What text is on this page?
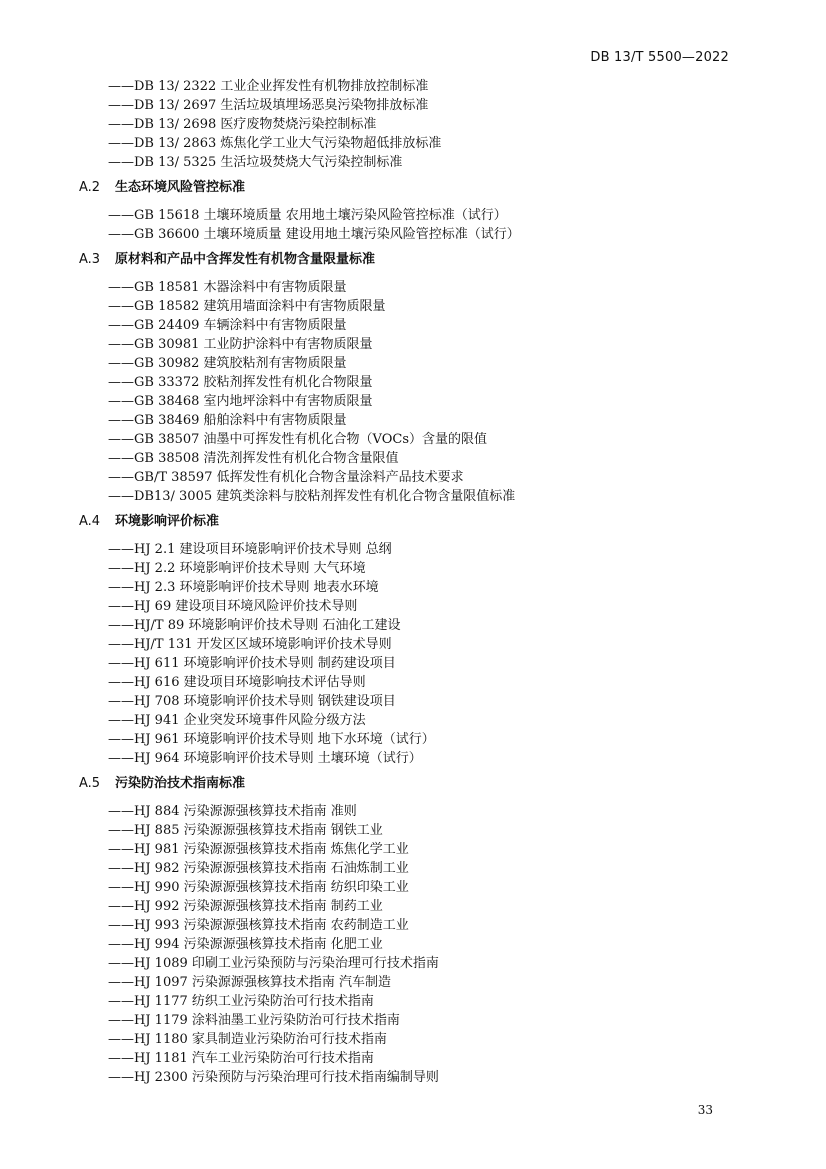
DB 13/T 5500—2022
——DB 13/ 2322 工业企业挥发性有机物排放控制标准
——DB 13/ 2697 生活垃圾填埋场恶臭污染物排放标准
——DB 13/ 2698 医疗废物焚烧污染控制标准
——DB 13/ 2863 炼焦化学工业大气污染物超低排放标准
——DB 13/ 5325 生活垃圾焚烧大气污染控制标准
A.2 生态环境风险管控标准
——GB 15618 土壤环境质量 农用地土壤污染风险管控标准（试行）
——GB 36600 土壤环境质量 建设用地土壤污染风险管控标准（试行）
A.3 原材料和产品中含挥发性有机物含量限量标准
——GB 18581 木器涂料中有害物质限量
——GB 18582 建筑用墙面涂料中有害物质限量
——GB 24409 车辆涂料中有害物质限量
——GB 30981 工业防护涂料中有害物质限量
——GB 30982 建筑胶粘剂有害物质限量
——GB 33372 胶粘剂挥发性有机化合物限量
——GB 38468 室内地坪涂料中有害物质限量
——GB 38469 船舶涂料中有害物质限量
——GB 38507 油墨中可挥发性有机化合物（VOCs）含量的限值
——GB 38508 清洗剂挥发性有机化合物含量限值
——GB/T 38597 低挥发性有机化合物含量涂料产品技术要求
——DB13/ 3005 建筑类涂料与胶粘剂挥发性有机化合物含量限值标准
A.4 环境影响评价标准
——HJ 2.1 建设项目环境影响评价技术导则 总纲
——HJ 2.2 环境影响评价技术导则 大气环境
——HJ 2.3 环境影响评价技术导则 地表水环境
——HJ 69 建设项目环境风险评价技术导则
——HJ/T 89 环境影响评价技术导则 石油化工建设
——HJ/T 131 开发区区域环境影响评价技术导则
——HJ 611 环境影响评价技术导则 制药建设项目
——HJ 616 建设项目环境影响技术评估导则
——HJ 708 环境影响评价技术导则 钢铁建设项目
——HJ 941 企业突发环境事件风险分级方法
——HJ 961 环境影响评价技术导则 地下水环境（试行）
——HJ 964 环境影响评价技术导则 土壤环境（试行）
A.5 污染防治技术指南标准
——HJ 884 污染源源强核算技术指南 准则
——HJ 885 污染源源强核算技术指南 钢铁工业
——HJ 981 污染源源强核算技术指南 炼焦化学工业
——HJ 982 污染源源强核算技术指南 石油炼制工业
——HJ 990 污染源源强核算技术指南 纺织印染工业
——HJ 992 污染源源强核算技术指南 制药工业
——HJ 993 污染源源强核算技术指南 农药制造工业
——HJ 994 污染源源强核算技术指南 化肥工业
——HJ 1089 印刷工业污染预防与污染治理可行技术指南
——HJ 1097 污染源源强核算技术指南 汽车制造
——HJ 1177 纺织工业污染防治可行技术指南
——HJ 1179 涂料油墨工业污染防治可行技术指南
——HJ 1180 家具制造业污染防治可行技术指南
——HJ 1181 汽车工业污染防治可行技术指南
——HJ 2300 污染预防与污染治理可行技术指南编制导则
33
